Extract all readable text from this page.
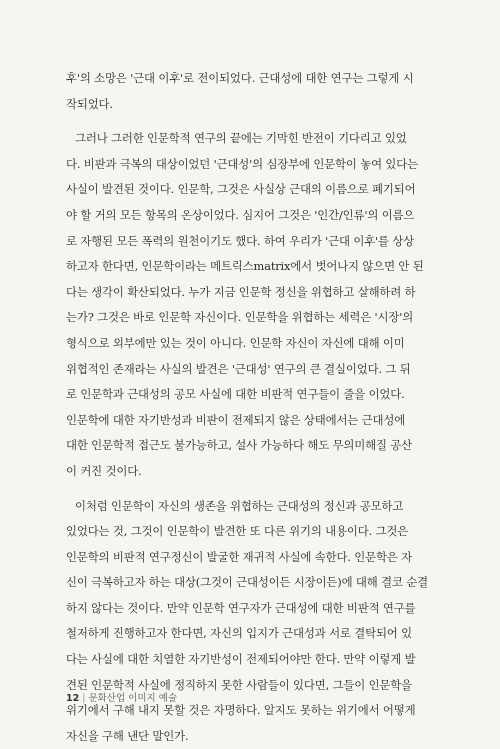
후'의 소망은 '근대 이후'로 전이되었다. 근대성에 대한 연구는 그렇게 시
작되었다.
그러나 그러한 인문학적 연구의 끝에는 기막힌 반전이 기다리고 있었
다. 비판과 극복의 대상이었던 '근대성'의 심장부에 인문학이 놓여 있다는
사실이 발견된 것이다. 인문학, 그것은 사실상 근대의 이름으로 폐기되어
야 할 거의 모든 항목의 온상이었다. 심지어 그것은 '인간/인류'의 이름으
로 자행된 모든 폭력의 원천이기도 했다. 하여 우리가 '근대 이후'를 상상
하고자 한다면, 인문학이라는 메트릭스matrix에서 벗어나지 않으면 안 된
다는 생각이 확산되었다. 누가 지금 인문학 정신을 위협하고 살해하려 하
는가? 그것은 바로 인문학 자신이다. 인문학을 위협하는 세력은 '시장'의
형식으로 외부에만 있는 것이 아니다. 인문학 자신이 자신에 대해 이미
위협적인 존재라는 사실의 발견은 '근대성' 연구의 큰 결실이었다. 그 뒤
로 인문학과 근대성의 공모 사실에 대한 비판적 연구들이 줄을 이었다.
인문학에 대한 자기반성과 비판이 전제되지 않은 상태에서는 근대성에
대한 인문학적 접근도 불가능하고, 설사 가능하다 해도 무의미해질 공산
이 커진 것이다.
이처럼 인문학이 자신의 생존을 위협하는 근대성의 정신과 공모하고
있었다는 것, 그것이 인문학이 발견한 또 다른 위기의 내용이다. 그것은
인문학의 비판적 연구정신이 발굴한 재귀적 사실에 속한다. 인문학은 자
신이 극복하고자 하는 대상(그것이 근대성이든 시장이든)에 대해 결코 순결
하지 않다는 것이다. 만약 인문학 연구자가 근대성에 대한 비판적 연구를
철저하게 진행하고자 한다면, 자신의 입지가 근대성과 서로 결탁되어 있
다는 사실에 대한 치열한 자기반성이 전제되어야만 한다. 만약 이렇게 발
견된 인문학적 사실에 정직하지 못한 사람들이 있다면, 그들이 인문학을
위기에서 구해 내지 못할 것은 자명하다. 알지도 못하는 위기에서 어떻게
자신을 구해 낸단 말인가.
12 | 문화산업 이미지 예술
